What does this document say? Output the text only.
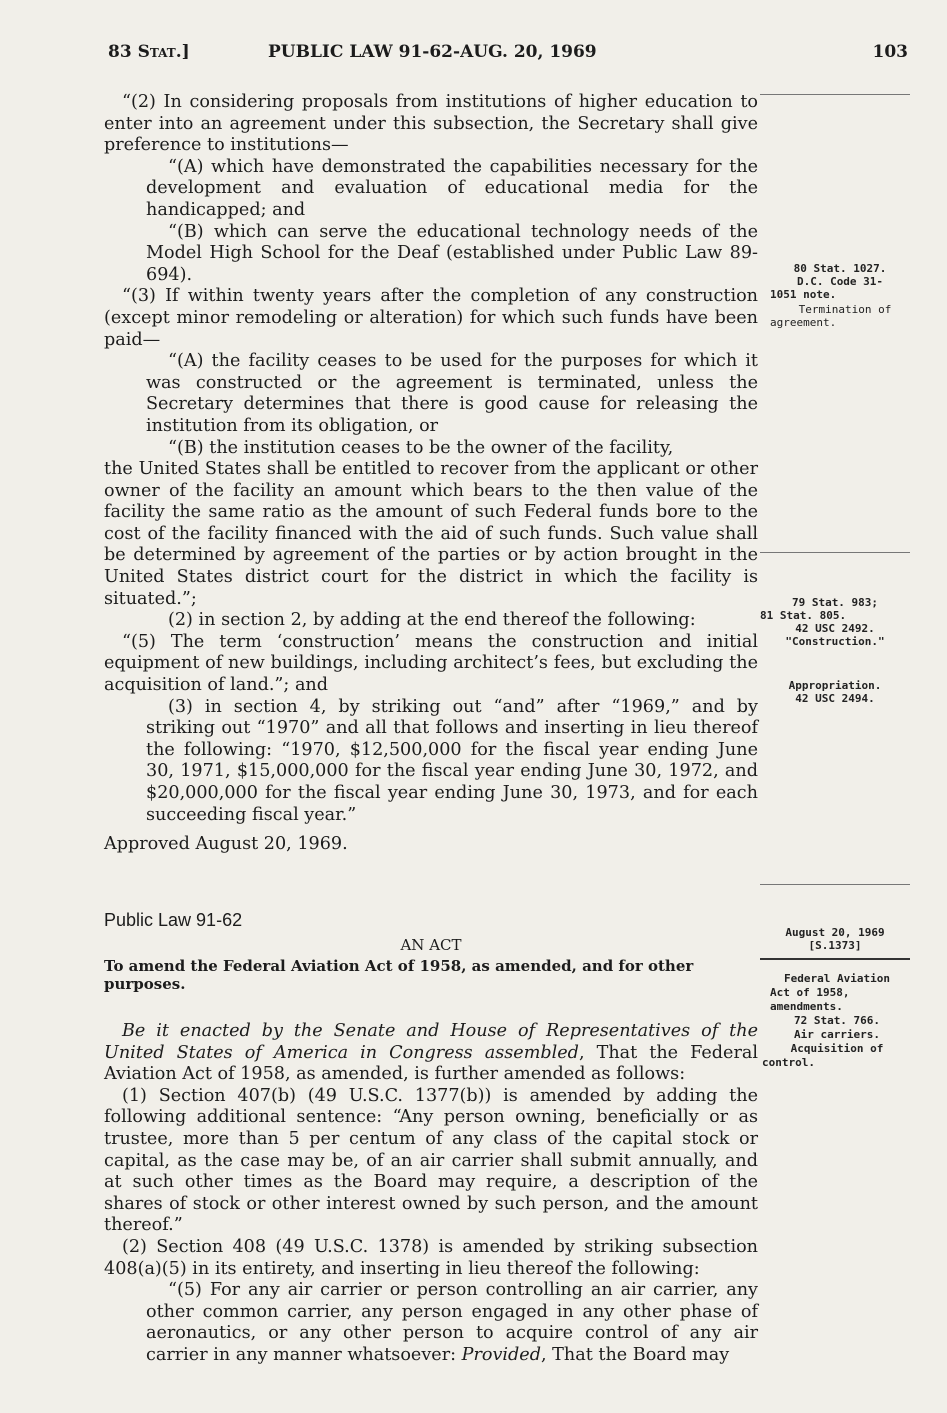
83 Stat.]	PUBLIC LAW 91-62-AUG. 20, 1969	103

“(2) In considering proposals from institutions of higher education to enter into an agreement under this subsection, the Secretary shall give preference to institutions—

“(A) which have demonstrated the capabilities necessary for the development and evaluation of educational media for the handicapped; and

“(B) which can serve the educational technology needs of the Model High School for the Deaf (established under Public Law 89-694).

“(3) If within twenty years after the completion of any construction (except minor remodeling or alteration) for which such funds have been paid—

“(A) the facility ceases to be used for the purposes for which it was constructed or the agreement is terminated, unless the Secretary determines that there is good cause for releasing the institution from its obligation, or

“(B) the institution ceases to be the owner of the facility,

the United States shall be entitled to recover from the applicant or other owner of the facility an amount which bears to the then value of the facility the same ratio as the amount of such Federal funds bore to the cost of the facility financed with the aid of such funds. Such value shall be determined by agreement of the parties or by action brought in the United States district court for the district in which the facility is situated.”;

(2) in section 2, by adding at the end thereof the following:

“(5) The term ‘construction’ means the construction and initial equipment of new buildings, including architect’s fees, but excluding the acquisition of land.”; and

(3) in section 4, by striking out “and” after “1969,” and by striking out “1970” and all that follows and inserting in lieu thereof the following: “1970, $12,500,000 for the fiscal year ending June 30, 1971, $15,000,000 for the fiscal year ending June 30, 1972, and $20,000,000 for the fiscal year ending June 30, 1973, and for each succeeding fiscal year.”

Approved August 20, 1969.

Public Law 91-62

AN ACT

To amend the Federal Aviation Act of 1958, as amended, and for other purposes.

Be it enacted by the Senate and House of Representatives of the United States of America in Congress assembled, That the Federal Aviation Act of 1958, as amended, is further amended as follows:

(1) Section 407(b) (49 U.S.C. 1377(b)) is amended by adding the following additional sentence: “Any person owning, beneficially or as trustee, more than 5 per centum of any class of the capital stock or capital, as the case may be, of an air carrier shall submit annually, and at such other times as the Board may require, a description of the shares of stock or other interest owned by such person, and the amount thereof.”

(2) Section 408 (49 U.S.C. 1378) is amended by striking subsection 408(a)(5) in its entirety, and inserting in lieu thereof the following:

“(5) For any air carrier or person controlling an air carrier, any other common carrier, any person engaged in any other phase of aeronautics, or any other person to acquire control of any air carrier in any manner whatsoever: Provided, That the Board may

80 Stat. 1027.
D.C. Code 31-
1051 note.
Termination of
agreement.
79 Stat. 983;
81 Stat. 805.
42 USC 2492.
"Construction."
Appropriation.
42 USC 2494.
August 20, 1969
[S.1373]
Federal Aviation
Act of 1958,
amendments.
72 Stat. 766.
Air carriers.
Acquisition of
control.
